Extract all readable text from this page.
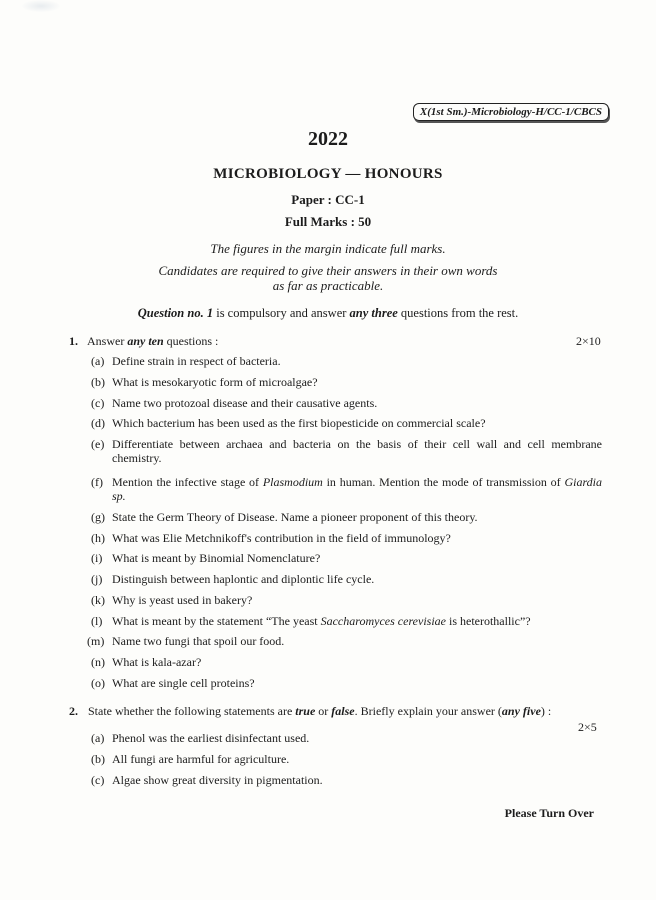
X(1st Sm.)-Microbiology-H/CC-1/CBCS
2022
MICROBIOLOGY — HONOURS
Paper : CC-1
Full Marks : 50
The figures in the margin indicate full marks.
Candidates are required to give their answers in their own words
as far as practicable.
Question no. 1 is compulsory and answer any three questions from the rest.
1. Answer any ten questions :	2×10
(a) Define strain in respect of bacteria.
(b) What is mesokaryotic form of microalgae?
(c) Name two protozoal disease and their causative agents.
(d) Which bacterium has been used as the first biopesticide on commercial scale?
(e) Differentiate between archaea and bacteria on the basis of their cell wall and cell membrane chemistry.
(f) Mention the infective stage of Plasmodium in human. Mention the mode of transmission of Giardia sp.
(g) State the Germ Theory of Disease. Name a pioneer proponent of this theory.
(h) What was Elie Metchnikoff's contribution in the field of immunology?
(i) What is meant by Binomial Nomenclature?
(j) Distinguish between haplontic and diplontic life cycle.
(k) Why is yeast used in bakery?
(l) What is meant by the statement “The yeast Saccharomyces cerevisiae is heterothallic”?
(m) Name two fungi that spoil our food.
(n) What is kala-azar?
(o) What are single cell proteins?
2. State whether the following statements are true or false. Briefly explain your answer (any five) :
2×5
(a) Phenol was the earliest disinfectant used.
(b) All fungi are harmful for agriculture.
(c) Algae show great diversity in pigmentation.
Please Turn Over
